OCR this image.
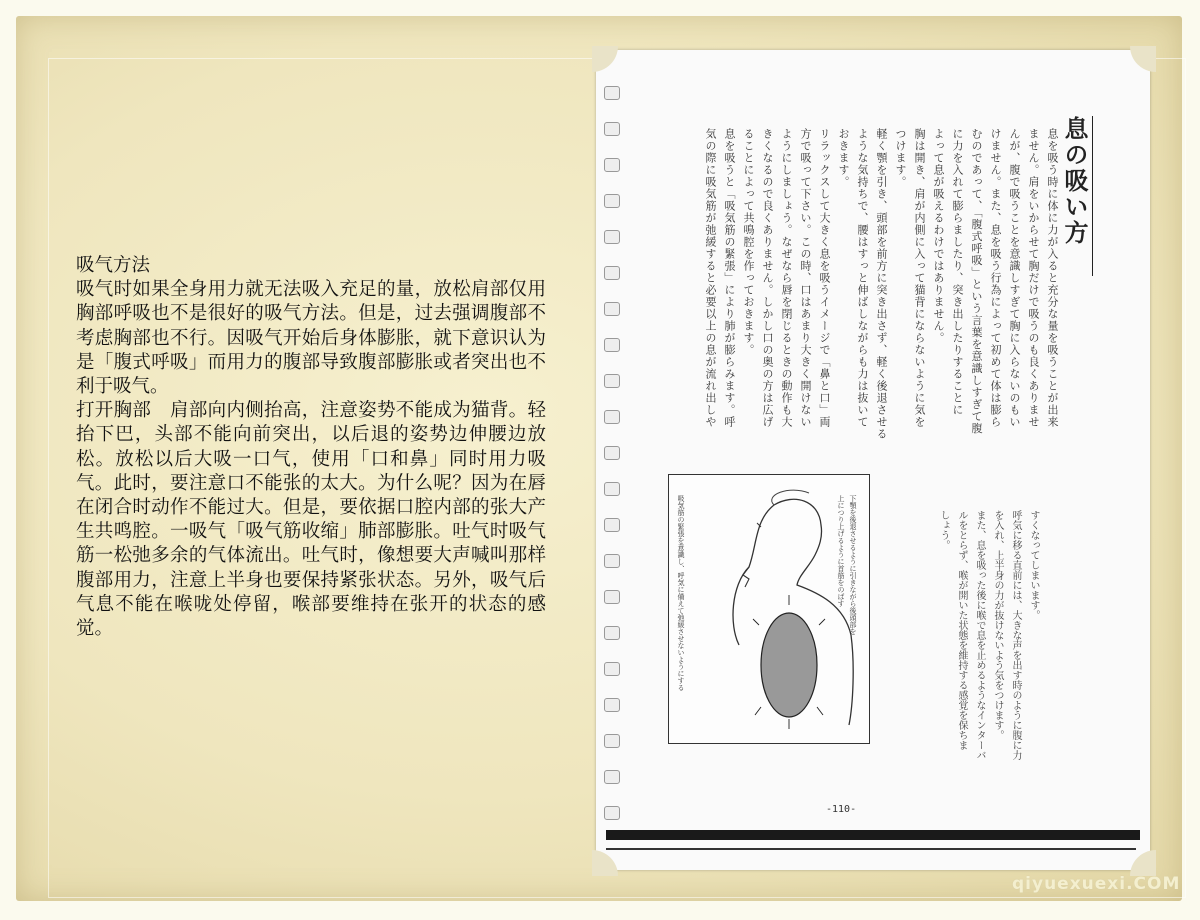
吸气方法

吸气时如果全身用力就无法吸入充足的量，放松肩部仅用胸部呼吸也不是很好的吸气方法。但是，过去强调腹部不考虑胸部也不行。因吸气开始后身体膨胀，就下意识认为是「腹式呼吸」而用力的腹部导致腹部膨胀或者突出也不利于吸气。

打开胸部　肩部向内侧抬高，注意姿势不能成为猫背。轻抬下巴，头部不能向前突出，以后退的姿势边伸腰边放松。放松以后大吸一口气，使用「口和鼻」同时用力吸气。此时，要注意口不能张的太大。为什么呢？因为在唇在闭合时动作不能过大。但是，要依据口腔内部的张大产生共鸣腔。一吸气「吸气筋收缩」肺部膨胀。吐气时吸气筋一松弛多余的气体流出。吐气时，像想要大声喊叫那样腹部用力，注意上半身也要保持紧张状态。另外，吸气后气息不能在喉咙处停留，喉部要维持在张开的状态的感觉。

息の吸い方
息を吸う時に体に力が入ると充分な量を吸うことが出来
ません。肩をいからせて胸だけで吸うのも良くありませ
んが、腹で吸うことを意識しすぎて胸に入らないのもい
けません。また、息を吸う行為によって初めて体は膨ら
むのであって、「腹式呼吸」という言葉を意識しすぎて腹
に力を入れて膨らましたり、突き出したりすることに
よって息が吸えるわけではありません。
胸は開き、肩が内側に入って猫背にならないように気を
つけます。
軽く顎を引き、頭部を前方に突き出さず、軽く後退させる
ような気持ちで、腰はすっと伸ばしながらも力は抜いて
おきます。
リラックスして大きく息を吸うイメージで「鼻と口」両
方で吸って下さい。この時、口はあまり大きく開けない
ようにしましょう。なぜなら唇を閉じるときの動作も大
きくなるので良くありません。しかし口の奥の方は広げ
ることによって共鳴腔を作っておきます。
息を吸うと「吸気筋の緊張」により肺が膨らみます。呼
気の際に吸気筋が弛緩すると必要以上の息が流れ出しや
すくなってしまいます。
呼気に移る直前には、大きな声を出す時のように腹に力
を入れ、上半身の力が抜けないよう気をつけます。
また、息を吸った後に喉で息を止めるようなインターバ
ルをとらず、喉が開いた状態を維持する感覚を保ちま
しょう。
下顎を後退させるように引きながら後頭部を
上につり上げるように首筋をのばす
吸気筋の緊張を意識し、呼気に備えて弛緩させないようにする
-110-
qiyuexuexi.COM
